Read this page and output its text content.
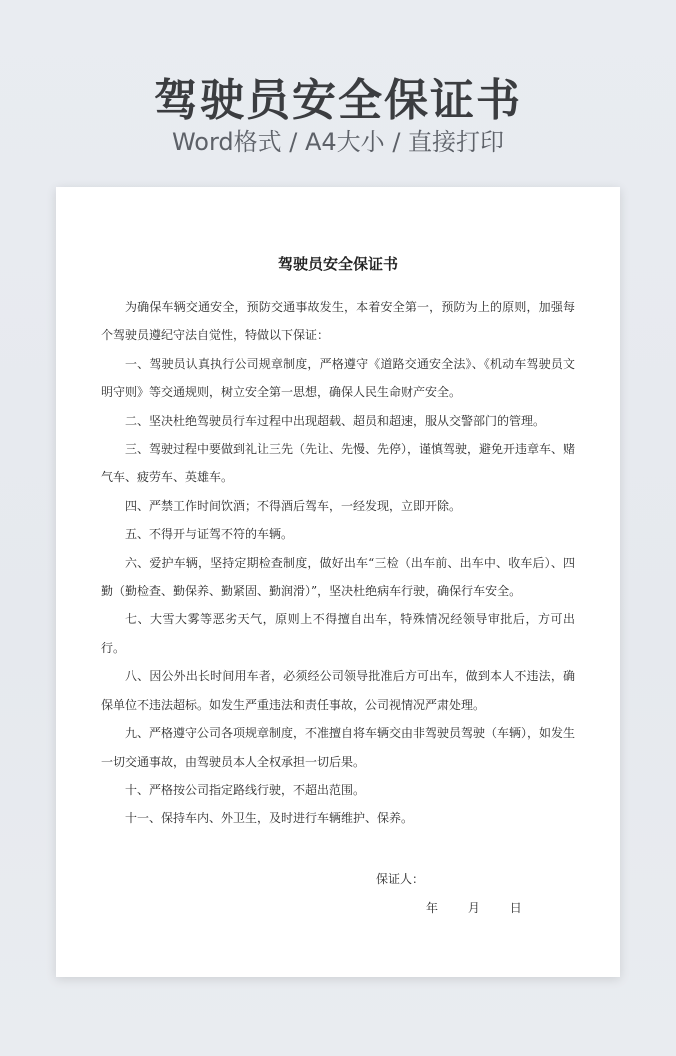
驾驶员安全保证书
Word格式 / A4大小 / 直接打印
驾驶员安全保证书

为确保车辆交通安全，预防交通事故发生，本着安全第一，预防为上的原则，加强每个驾驶员遵纪守法自觉性，特做以下保证：

一、驾驶员认真执行公司规章制度，严格遵守《道路交通安全法》、《机动车驾驶员文明守则》等交通规则，树立安全第一思想，确保人民生命财产安全。

二、坚决杜绝驾驶员行车过程中出现超载、超员和超速，服从交警部门的管理。

三、驾驶过程中要做到礼让三先（先让、先慢、先停），谨慎驾驶，避免开违章车、赌气车、疲劳车、英雄车。

四、严禁工作时间饮酒；不得酒后驾车，一经发现，立即开除。

五、不得开与证驾不符的车辆。

六、爱护车辆，坚持定期检查制度，做好出车“三检（出车前、出车中、收车后）、四勤（勤检查、勤保养、勤紧固、勤润滑）”，坚决杜绝病车行驶，确保行车安全。

七、大雪大雾等恶劣天气，原则上不得擅自出车，特殊情况经领导审批后，方可出行。

八、因公外出长时间用车者，必须经公司领导批准后方可出车，做到本人不违法，确保单位不违法超标。如发生严重违法和责任事故，公司视情况严肃处理。

九、严格遵守公司各项规章制度，不准擅自将车辆交由非驾驶员驾驶（车辆），如发生一切交通事故，由驾驶员本人全权承担一切后果。

十、严格按公司指定路线行驶，不超出范围。

十一、保持车内、外卫生，及时进行车辆维护、保养。

保证人：
年 月 日
